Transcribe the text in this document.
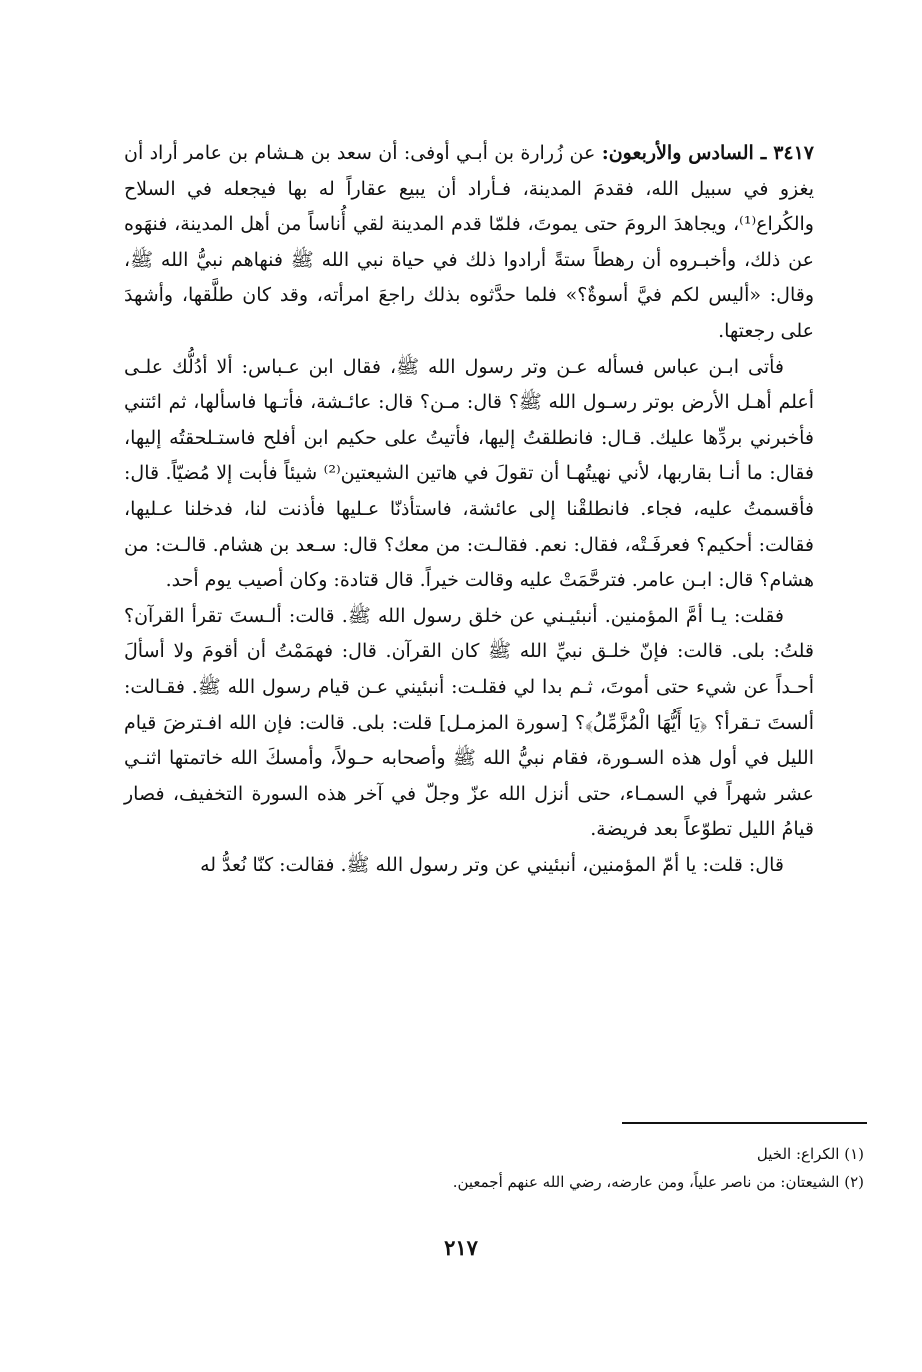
٣٤١٧ ـ السادس والأربعون: عن زُرارة بن أبـي أوفى: أن سعد بن هـشام بن عامر أراد أن يغزو في سبيل الله، فقدمَ المدينة، فـأراد أن يبيع عقاراً له بها فيجعله في السلاح والكُراع⁽¹⁾، ويجاهدَ الرومَ حتى يموتَ، فلمّا قدم المدينة لقي أُناساً من أهل المدينة، فنهَوه عن ذلك، وأخبـروه أن رهطاً ستةً أرادوا ذلك في حياة نبي الله ﷺ فنهاهم نبيُّ الله ﷺ، وقال: «أليس لكم فيَّ أسوةٌ؟» فلما حدَّثوه بذلك راجعَ امرأته، وقد كان طلَّقها، وأشهدَ على رجعتها.

فأتى ابـن عباس فسأله عـن وتر رسول الله ﷺ، فقال ابن عـباس: ألا أدُلُّك علـى أعلم أهـل الأرض بوتر رسـول الله ﷺ؟ قال: مـن؟ قال: عائـشة، فأتـها فاسألها، ثم ائتني فأخبرني بردِّها عليك. قـال: فانطلقتُ إليها، فأتيتُ على حكيم ابن أفلح فاستـلحقتُه إليها، فقال: ما أنـا بقاربها، لأني نهيتُهـا أن تقولَ في هاتين الشيعتين⁽²⁾ شيئاً فأبت إلا مُضيّاً. قال: فأقسمتُ عليه، فجاء. فانطلقْنا إلى عائشة، فاستأذنّا عـليها فأذنت لنا، فدخلنا عـليها، فقالت: أحكيم؟ فعرفَـتْه، فقال: نعم. فقالـت: من معك؟ قال: سـعد بن هشام. قالـت: من هشام؟ قال: ابـن عامر. فترحَّمَتْ عليه وقالت خيراً. قال قتادة: وكان أصيب يوم أحد.

فقلت: يـا أمَّ المؤمنين. أنبئيـني عن خلق رسول الله ﷺ. قالت: ألـستَ تقرأ القرآن؟ قلتُ: بلى. قالت: فإنّ خلـق نبيِّ الله ﷺ كان القرآن. قال: فهمَمْتُ أن أقومَ ولا أسألَ أحـداً عن شيء حتى أموتَ، ثـم بدا لي فقلـت: أنبئيني عـن قيام رسول الله ﷺ. فقـالت: ألستَ تـقرأ؟ ﴿يَا أَيُّهَا الْمُزَّمِّلُ﴾؟ [سورة المزمـل] قلت: بلى. قالت: فإن الله افـترضَ قيام الليل في أول هذه السـورة، فقام نبيُّ الله ﷺ وأصحابه حـولاً، وأمسكَ الله خاتمتها اثنـي عشر شهراً في السمـاء، حتى أنزل الله عزّ وجلّ في آخر هذه السورة التخفيف، فصار قيامُ الليل تطوّعاً بعد فريضة.

قال: قلت: يا أمّ المؤمنين، أنبئيني عن وتر رسول الله ﷺ. فقالت: كنّا نُعدُّ له

(١) الكراع: الخيل
(٢) الشيعتان: من ناصر علياً، ومن عارضه، رضي الله عنهم أجمعين.
٢١٧
